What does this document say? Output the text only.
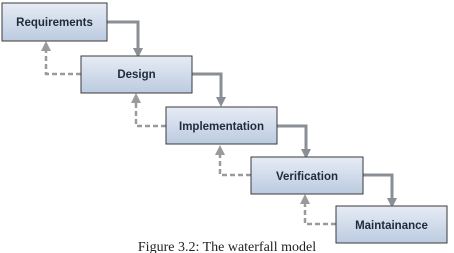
Requirements
Design
Implementation
Verification
Maintainance
Figure 3.2: The waterfall model
